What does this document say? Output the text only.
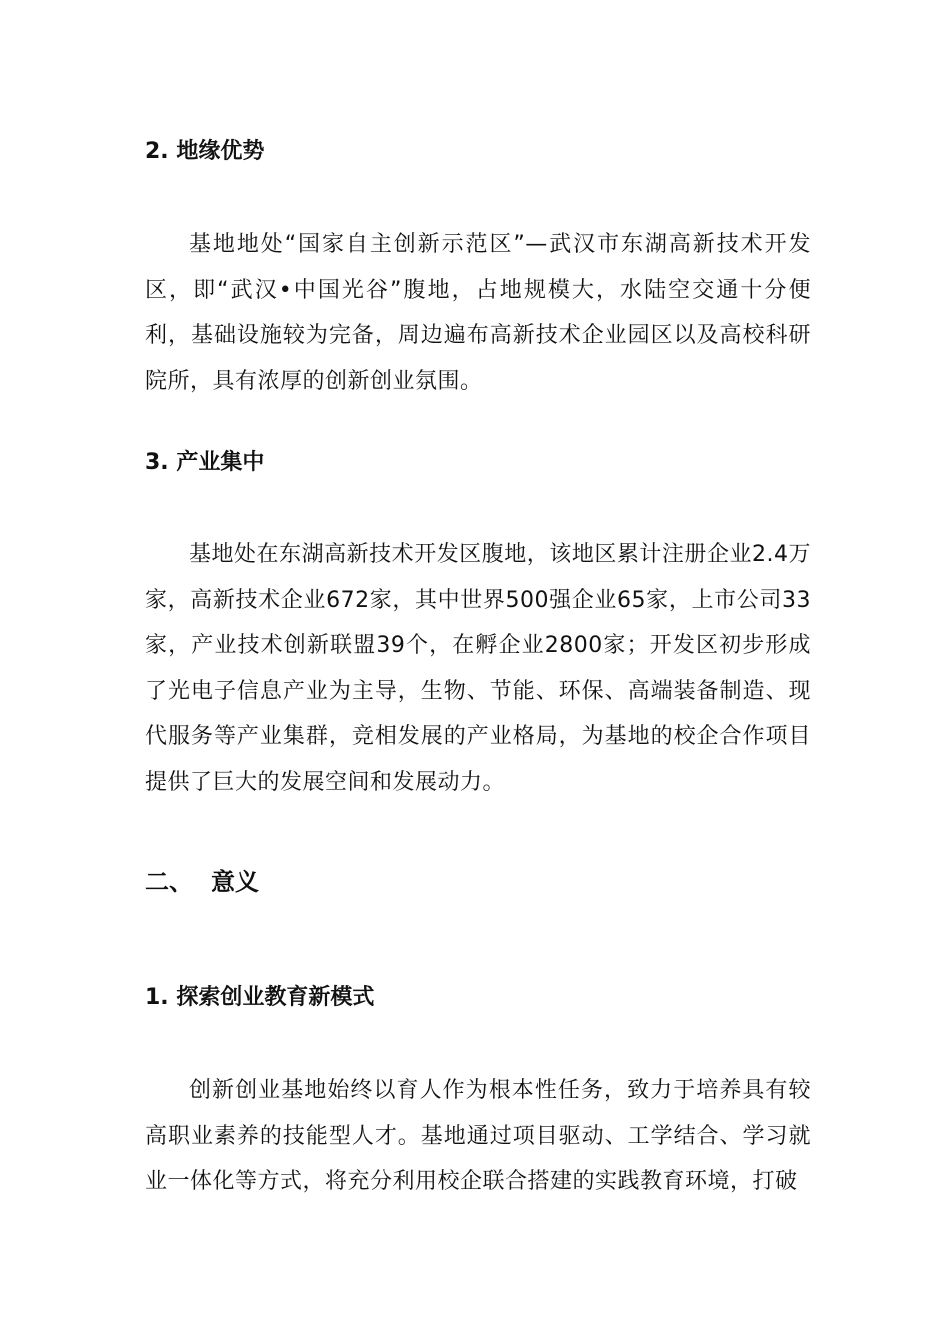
2. 地缘优势

基地地处“国家自主创新示范区”—武汉市东湖高新技术开发区，即“武汉•中国光谷”腹地，占地规模大，水陆空交通十分便利，基础设施较为完备，周边遍布高新技术企业园区以及高校科研院所，具有浓厚的创新创业氛围。

3. 产业集中

基地处在东湖高新技术开发区腹地，该地区累计注册企业2.4万家，高新技术企业672家，其中世界500强企业65家，上市公司33家，产业技术创新联盟39个，在孵企业2800家；开发区初步形成了光电子信息产业为主导，生物、节能、环保、高端装备制造、现代服务等产业集群，竞相发展的产业格局，为基地的校企合作项目提供了巨大的发展空间和发展动力。

二、 意义
1. 探索创业教育新模式

创新创业基地始终以育人作为根本性任务，致力于培养具有较高职业素养的技能型人才。基地通过项目驱动、工学结合、学习就业一体化等方式，将充分利用校企联合搭建的实践教育环境，打破
